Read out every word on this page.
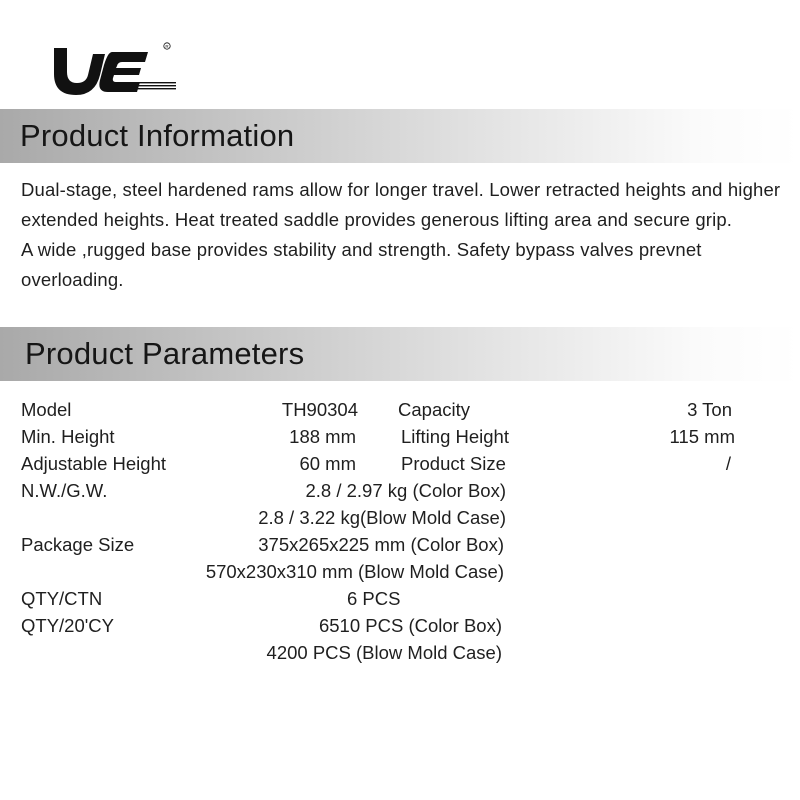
R
Product Information

Dual-stage, steel hardened rams allow for longer travel. Lower retracted heights and higher extended heights. Heat treated saddle provides generous lifting area and secure grip.

A wide ,rugged base provides stability and strength. Safety bypass valves prevnet overloading.

Product Parameters
Model	TH90304 Capacity	3 Ton
Min. Height	188 mm Lifting Height	115 mm
Adjustable Height	60 mm Product Size	/
N.W./G.W.	2.8 / 2.97 kg (Color Box)
2.8 / 3.22 kg(Blow Mold Case)
Package Size	375x265x225 mm (Color Box)
570x230x310 mm (Blow Mold Case)
QTY/CTN	6 PCS
QTY/20'CY	6510 PCS (Color Box)
4200 PCS (Blow Mold Case)
